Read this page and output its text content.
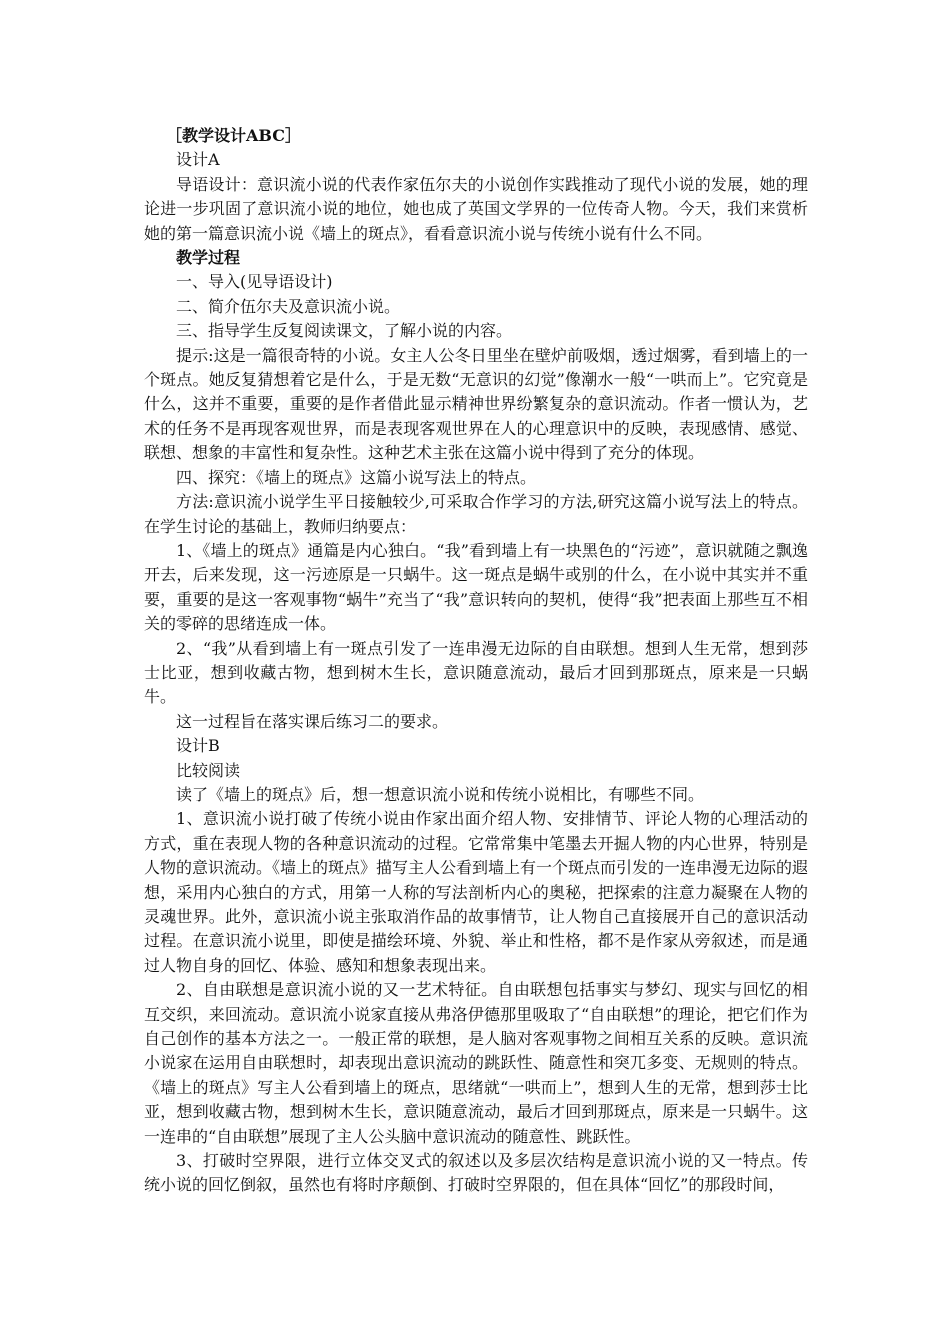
［教学设计ABC］

设计A

导语设计：意识流小说的代表作家伍尔夫的小说创作实践推动了现代小说的发展，她的理论进一步巩固了意识流小说的地位，她也成了英国文学界的一位传奇人物。今天，我们来赏析她的第一篇意识流小说《墙上的斑点》，看看意识流小说与传统小说有什么不同。

教学过程

一、导入(见导语设计)

二、简介伍尔夫及意识流小说。

三、指导学生反复阅读课文，了解小说的内容。

提示:这是一篇很奇特的小说。女主人公冬日里坐在壁炉前吸烟，透过烟雾，看到墙上的一个斑点。她反复猜想着它是什么，于是无数“无意识的幻觉”像潮水一般“一哄而上”。它究竟是什么，这并不重要，重要的是作者借此显示精神世界纷繁复杂的意识流动。作者一惯认为，艺术的任务不是再现客观世界，而是表现客观世界在人的心理意识中的反映，表现感情、感觉、联想、想象的丰富性和复杂性。这种艺术主张在这篇小说中得到了充分的体现。

四、探究：《墙上的斑点》这篇小说写法上的特点。

方法:意识流小说学生平日接触较少,可采取合作学习的方法,研究这篇小说写法上的特点。在学生讨论的基础上，教师归纳要点：

1、《墙上的斑点》通篇是内心独白。“我”看到墙上有一块黑色的“污迹”，意识就随之飘逸开去，后来发现，这一污迹原是一只蜗牛。这一斑点是蜗牛或别的什么，在小说中其实并不重要，重要的是这一客观事物“蜗牛”充当了“我”意识转向的契机，使得“我”把表面上那些互不相关的零碎的思绪连成一体。

2、“我”从看到墙上有一斑点引发了一连串漫无边际的自由联想。想到人生无常，想到莎士比亚，想到收藏古物，想到树木生长，意识随意流动，最后才回到那斑点，原来是一只蜗牛。

这一过程旨在落实课后练习二的要求。

设计B

比较阅读

读了《墙上的斑点》后，想一想意识流小说和传统小说相比，有哪些不同。

1、意识流小说打破了传统小说由作家出面介绍人物、安排情节、评论人物的心理活动的方式，重在表现人物的各种意识流动的过程。它常常集中笔墨去开掘人物的内心世界，特别是人物的意识流动。《墙上的斑点》描写主人公看到墙上有一个斑点而引发的一连串漫无边际的遐想，采用内心独白的方式，用第一人称的写法剖析内心的奥秘，把探索的注意力凝聚在人物的灵魂世界。此外，意识流小说主张取消作品的故事情节，让人物自己直接展开自己的意识活动过程。在意识流小说里，即使是描绘环境、外貌、举止和性格，都不是作家从旁叙述，而是通过人物自身的回忆、体验、感知和想象表现出来。

2、自由联想是意识流小说的又一艺术特征。自由联想包括事实与梦幻、现实与回忆的相互交织，来回流动。意识流小说家直接从弗洛伊德那里吸取了“自由联想”的理论，把它们作为自己创作的基本方法之一。一般正常的联想，是人脑对客观事物之间相互关系的反映。意识流小说家在运用自由联想时，却表现出意识流动的跳跃性、随意性和突兀多变、无规则的特点。《墙上的斑点》写主人公看到墙上的斑点，思绪就“一哄而上”，想到人生的无常，想到莎士比亚，想到收藏古物，想到树木生长，意识随意流动，最后才回到那斑点，原来是一只蜗牛。这一连串的“自由联想”展现了主人公头脑中意识流动的随意性、跳跃性。

3、打破时空界限，进行立体交叉式的叙述以及多层次结构是意识流小说的又一特点。传统小说的回忆倒叙，虽然也有将时序颠倒、打破时空界限的，但在具体“回忆”的那段时间，
